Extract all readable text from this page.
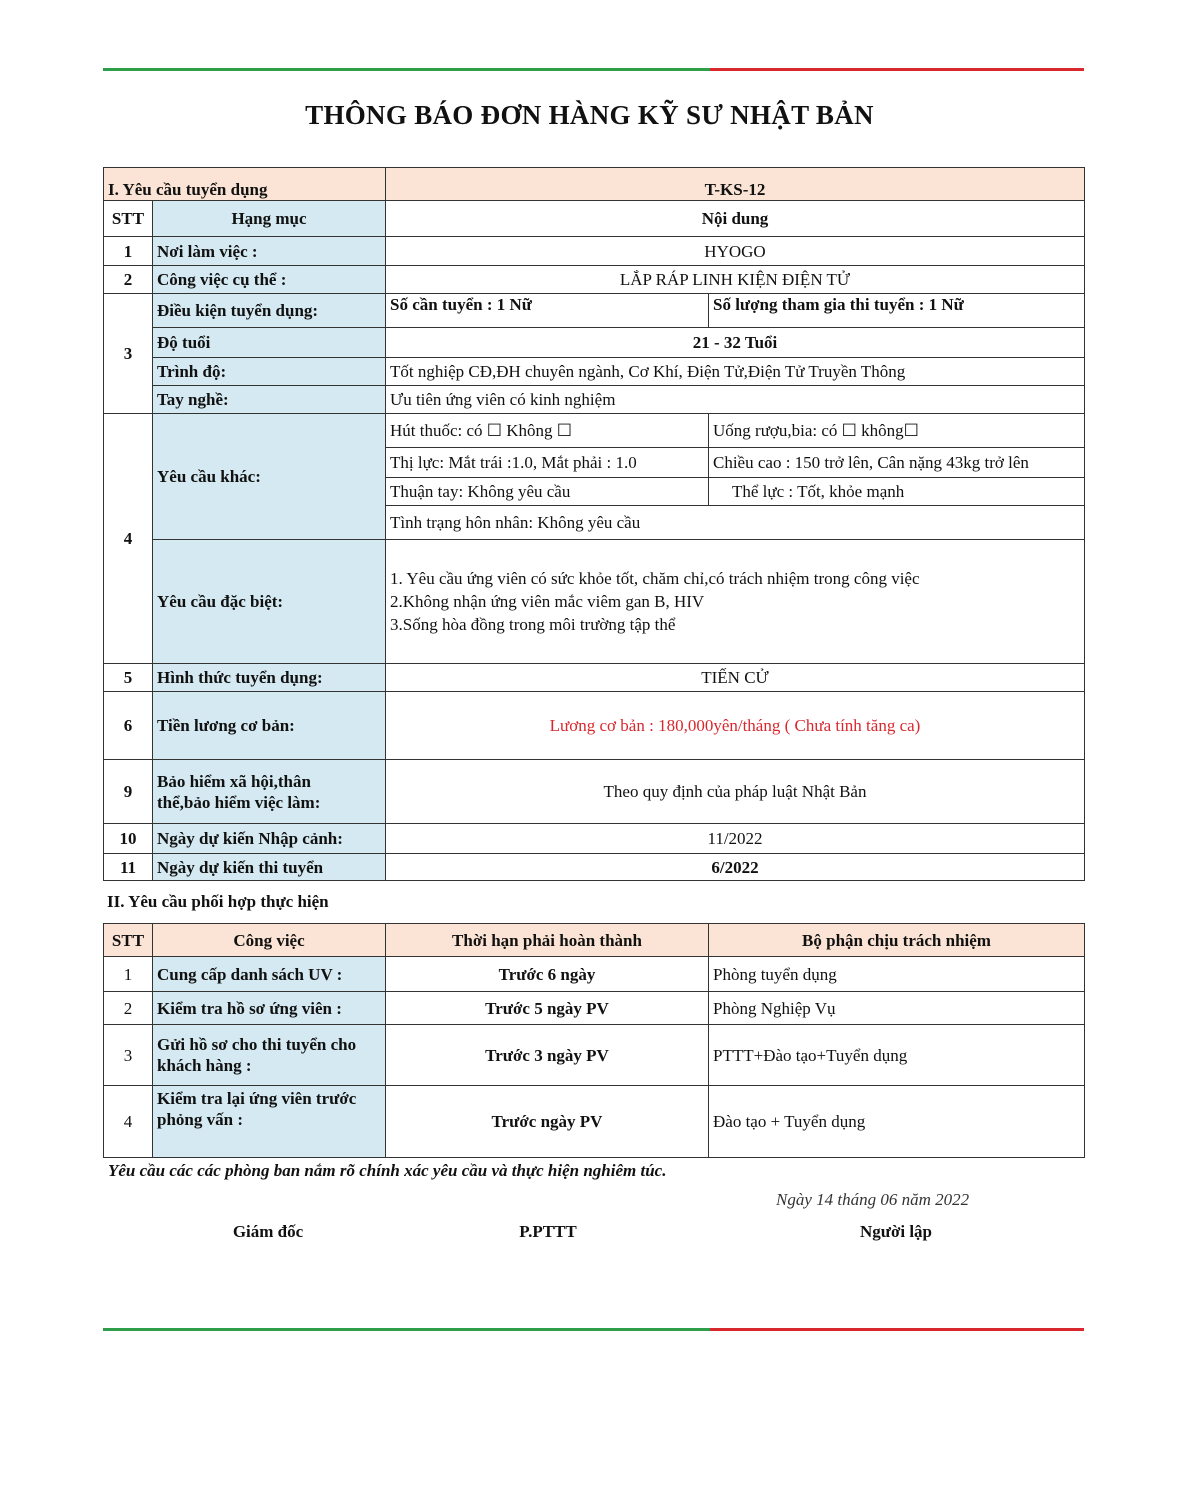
THÔNG BÁO ĐƠN HÀNG KỸ SƯ NHẬT BẢN
I. Yêu cầu tuyển dụng		T-KS-12	
STT	Hạng mục	Nội dung	
1	Nơi làm việc :	HYOGO	
2	Công việc cụ thể :	LẮP RÁP LINH KIỆN ĐIỆN TỬ	
3	Điều kiện tuyển dụng:	Số cần tuyển : 1 Nữ	Số lượng tham gia thi tuyển : 1 Nữ
	Độ tuổi	21 - 32 Tuổi	
	Trình độ:	Tốt nghiệp CĐ,ĐH chuyên ngành, Cơ Khí, Điện Tử,Điện Tử Truyền Thông	
	Tay nghề:	Ưu tiên ứng viên có kinh nghiệm	
4	Yêu cầu khác:	Hút thuốc: có ☐ Không ☐	Uống rượu,bia: có ☐ không☐
		Thị lực: Mắt trái :1.0, Mắt phải : 1.0	Chiều cao : 150 trở lên, Cân nặng 43kg trở lên
		Thuận tay: Không yêu cầu	Thể lực : Tốt, khỏe mạnh
		Tình trạng hôn nhân: Không yêu cầu	
	Yêu cầu đặc biệt:	1. Yêu cầu ứng viên có sức khỏe tốt, chăm chỉ,có trách nhiệm trong công việc
2.Không nhận ứng viên mắc viêm gan B, HIV
3.Sống hòa đồng trong môi trường tập thể	

5	Hình thức tuyển dụng:	TIẾN CỬ	
6	Tiền lương cơ bản:	Lương cơ bản : 180,000yên/tháng ( Chưa tính tăng ca)	
9	Bảo hiểm xã hội,thân
thể,bảo hiểm việc làm:	Theo quy định của pháp luật Nhật Bản	
10	Ngày dự kiến Nhập cảnh:	11/2022	
11	Ngày dự kiến thi tuyển	6/2022	
II. Yêu cầu phối hợp thực hiện
STT	Công việc	Thời hạn phải hoàn thành	Bộ phận chịu trách nhiệm
1	Cung cấp danh sách UV :	Trước 6 ngày	Phòng tuyển dụng
2	Kiểm tra hồ sơ ứng viên :	Trước 5 ngày PV	Phòng Nghiệp Vụ
3	Gửi hồ sơ cho thi tuyển cho
khách hàng :	Trước 3 ngày PV	PTTT+Đào tạo+Tuyển dụng
4	Kiểm tra lại ứng viên trước
phỏng vấn :	Trước ngày PV	Đào tạo + Tuyển dụng
Yêu cầu các các phòng ban nắm rõ chính xác yêu cầu và thực hiện nghiêm túc.
Ngày 14 tháng 06 năm 2022
Giám đốc	P.PTTT	Người lập
